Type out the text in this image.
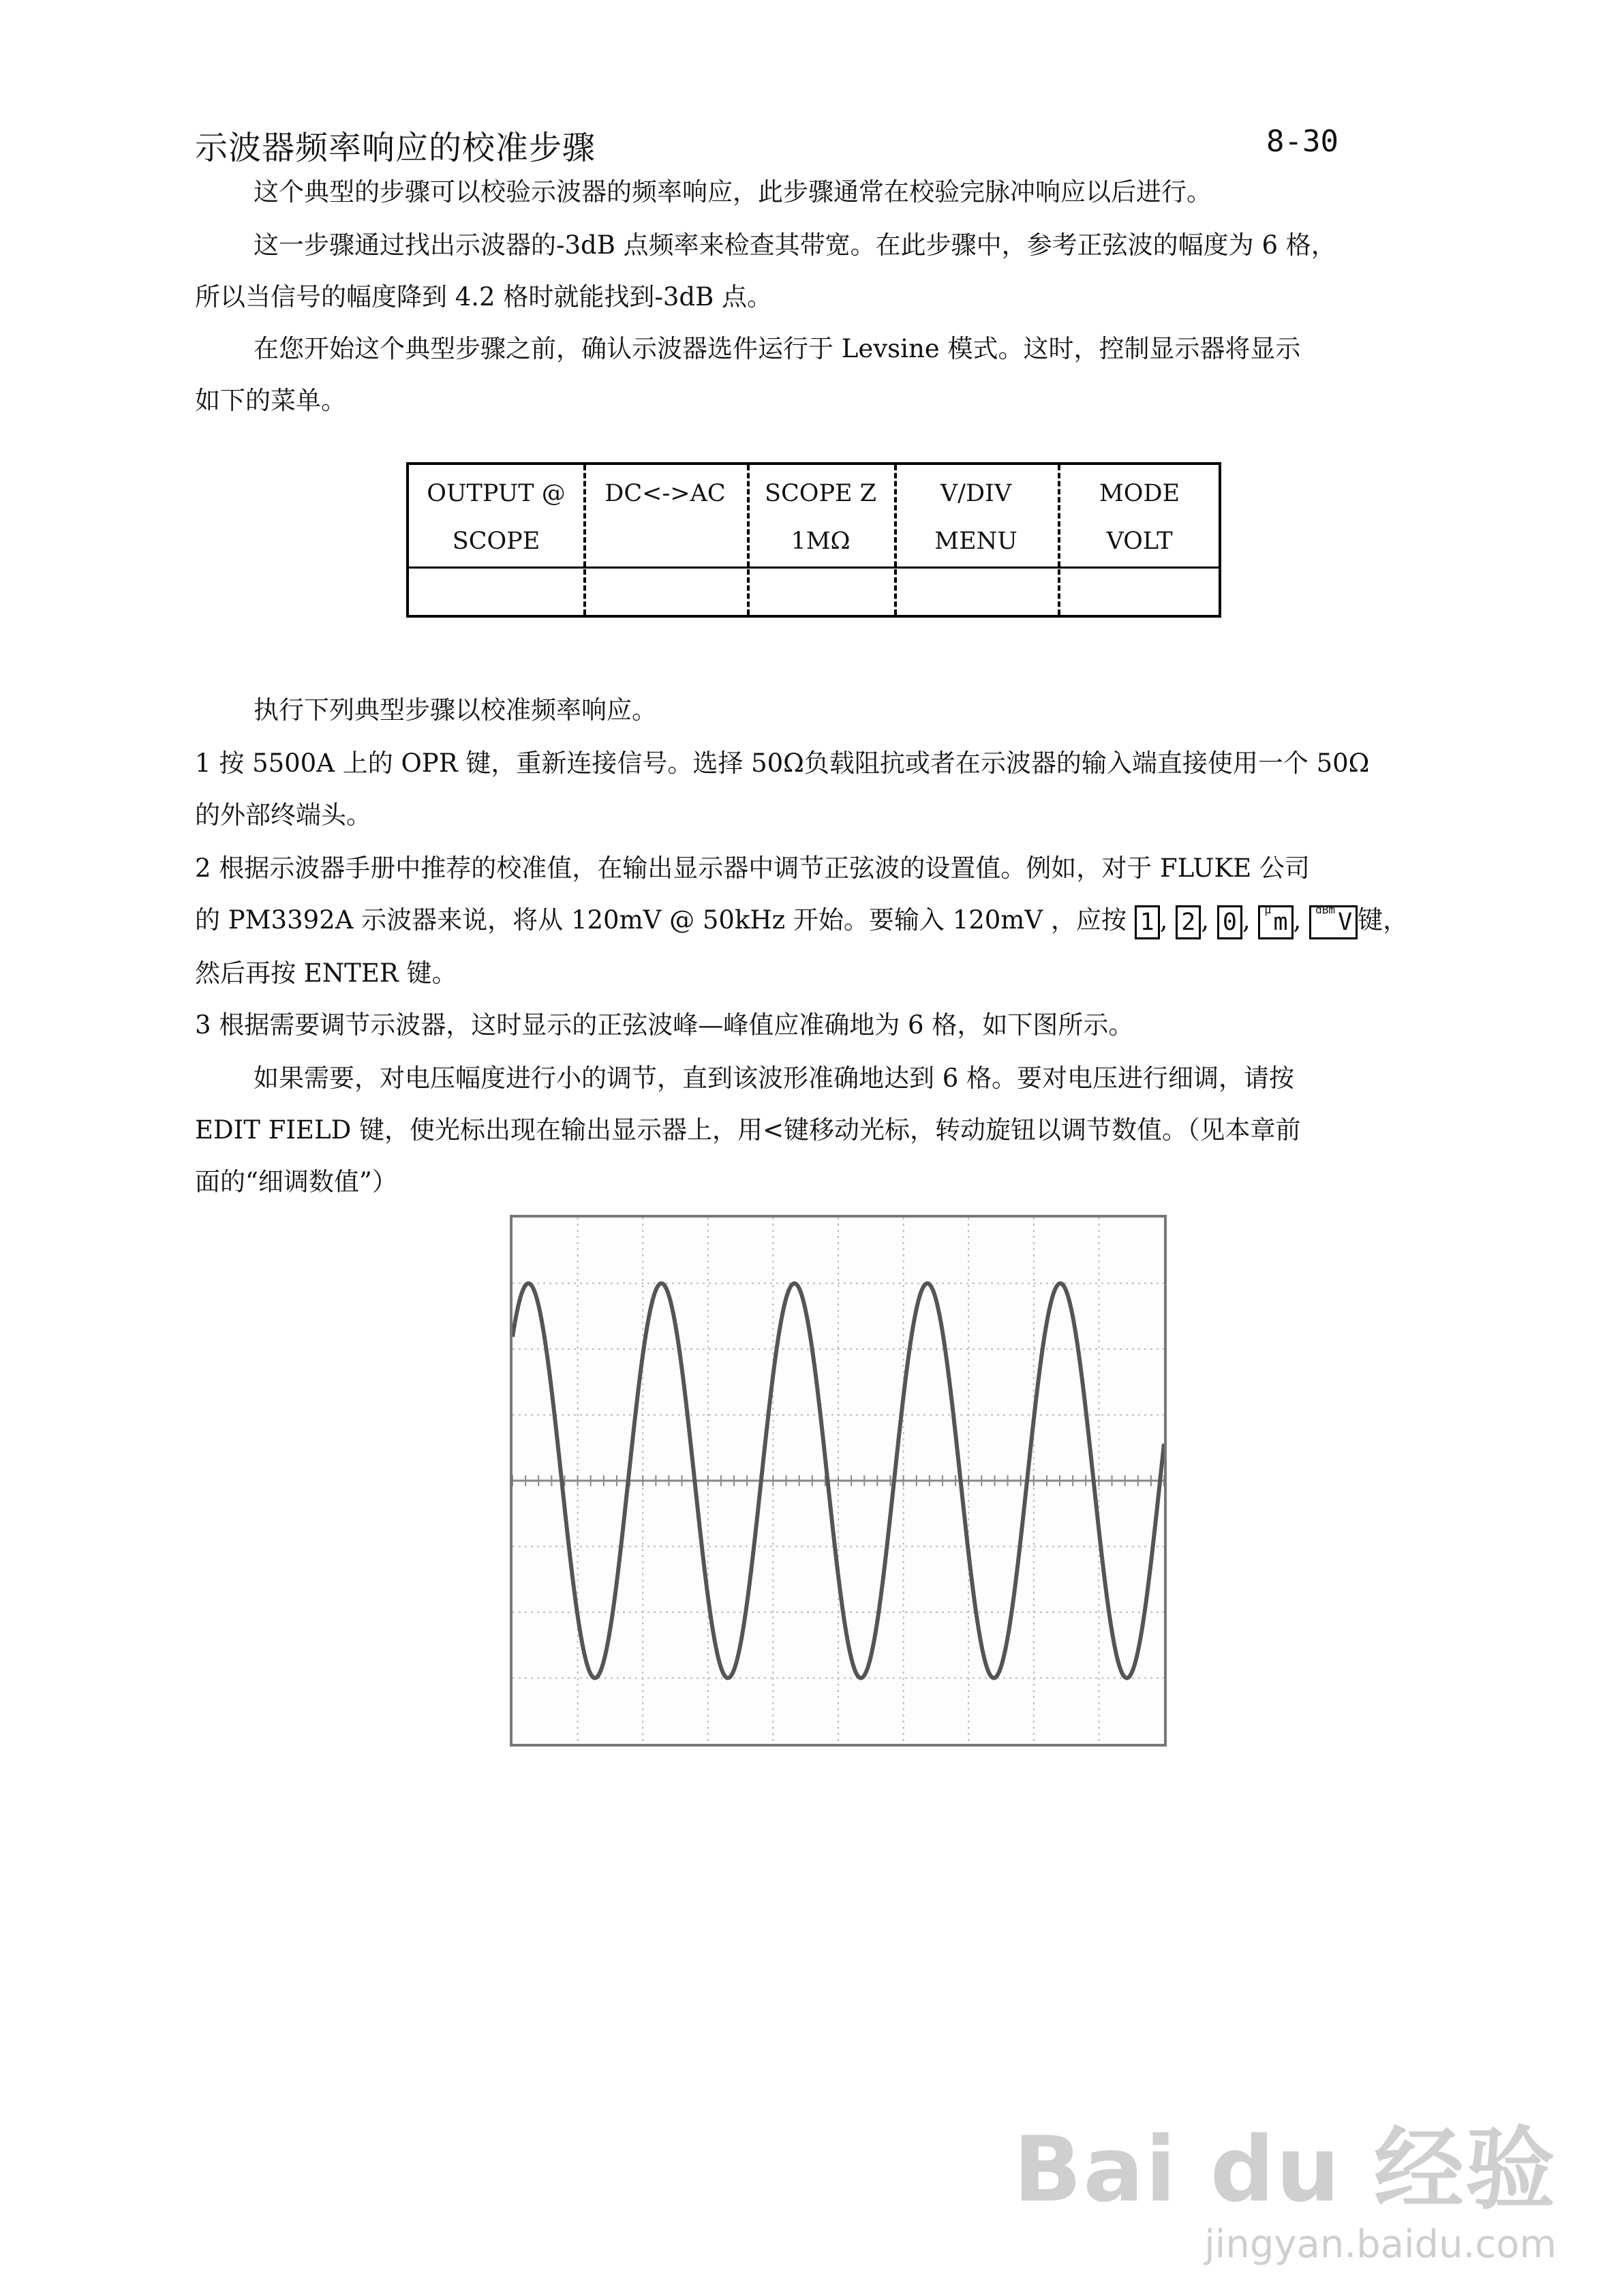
示波器频率响应的校准步骤	8-30
这个典型的步骤可以校验示波器的频率响应，此步骤通常在校验完脉冲响应以后进行。
这一步骤通过找出示波器的-3dB 点频率来检查其带宽。在此步骤中，参考正弦波的幅度为 6 格，
所以当信号的幅度降到 4.2 格时就能找到-3dB 点。
在您开始这个典型步骤之前，确认示波器选件运行于 Levsine 模式。这时，控制显示器将显示
如下的菜单。
OUTPUT @
SCOPE
DC<->AC	SCOPE Z
1MΩ
V/DIV
MENU
MODE
VOLT
执行下列典型步骤以校准频率响应。
1 按 5500A 上的 OPR 键，重新连接信号。选择 50Ω负载阻抗或者在示波器的输入端直接使用一个 50Ω
的外部终端头。
2 根据示波器手册中推荐的校准值，在输出显示器中调节正弦波的设置值。例如，对于 FLUKE 公司
的 PM3392A 示波器来说，将从 120mV @ 50kHz 开始。要输入 120mV ，应按 1 , 2 , 0 , μ m , dBm V 键，
然后再按 ENTER 键。
3 根据需要调节示波器，这时显示的正弦波峰—峰值应准确地为 6 格，如下图所示。
如果需要，对电压幅度进行小的调节，直到该波形准确地达到 6 格。要对电压进行细调，请按
EDIT FIELD 键，使光标出现在输出显示器上，用<键移动光标，转动旋钮以调节数值。（见本章前
面的“细调数值”）
Bai du 经验
jingyan.baidu.com
